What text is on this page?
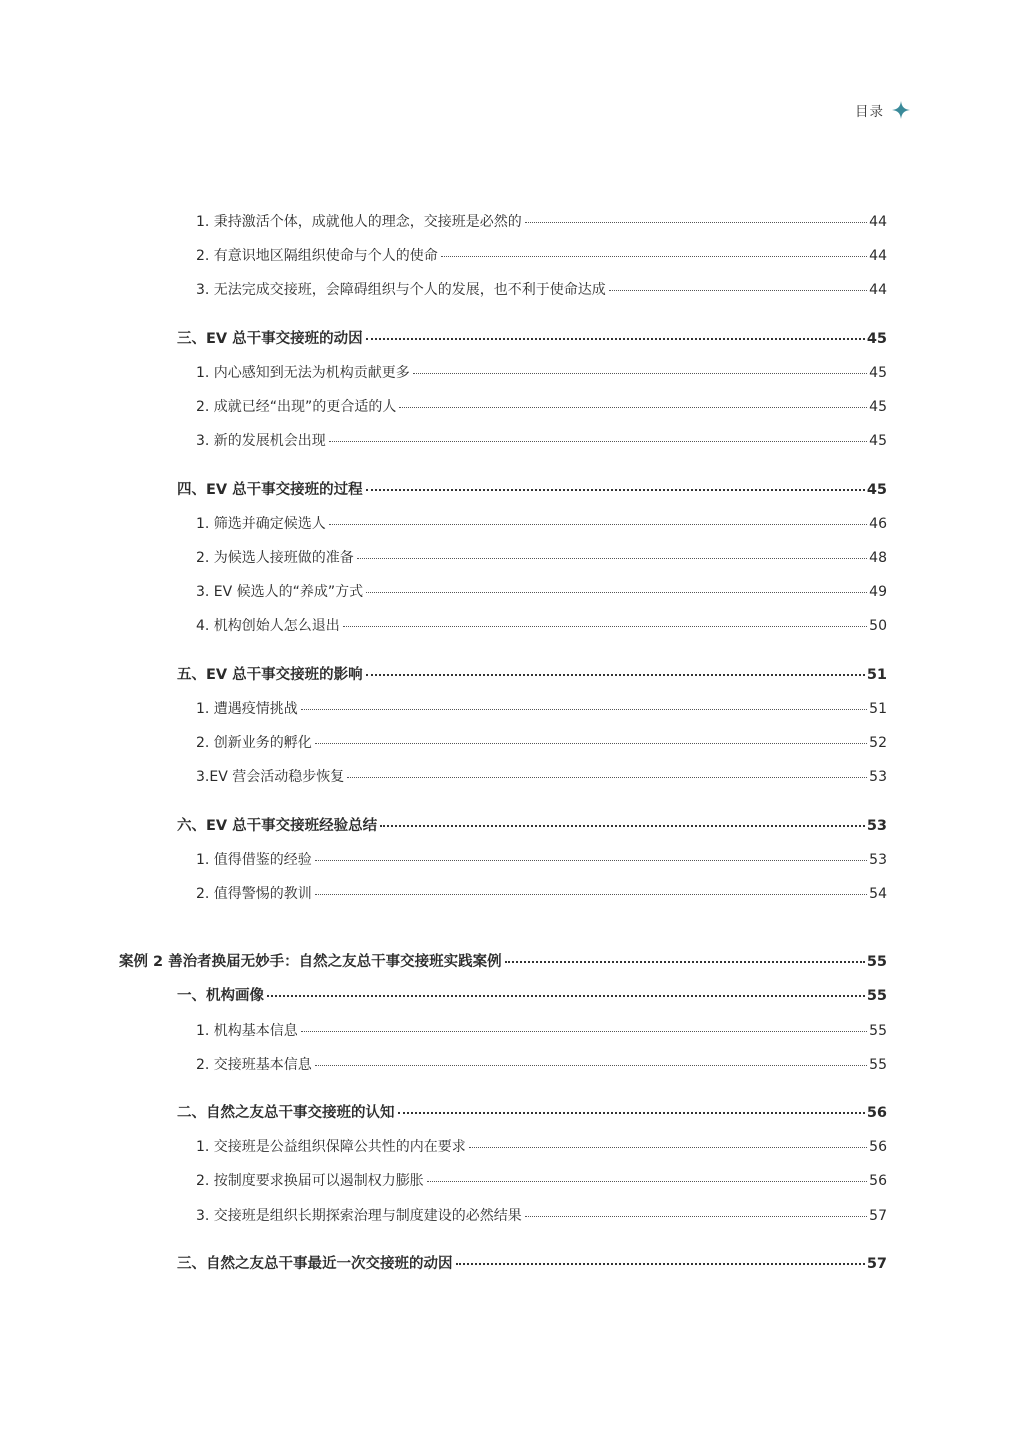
目录
1. 秉持激活个体，成就他人的理念，交接班是必然的	44
2. 有意识地区隔组织使命与个人的使命	44
3. 无法完成交接班，会障碍组织与个人的发展，也不利于使命达成	44
三、EV 总干事交接班的动因	45
1. 内心感知到无法为机构贡献更多	45
2. 成就已经“出现”的更合适的人	45
3. 新的发展机会出现	45
四、EV 总干事交接班的过程	45
1. 筛选并确定候选人	46
2. 为候选人接班做的准备	48
3. EV 候选人的“养成”方式	49
4. 机构创始人怎么退出	50
五、EV 总干事交接班的影响	51
1. 遭遇疫情挑战	51
2. 创新业务的孵化	52
3.EV 营会活动稳步恢复	53
六、EV 总干事交接班经验总结	53
1. 值得借鉴的经验	53
2. 值得警惕的教训	54
案例 2 善治者换届无妙手：自然之友总干事交接班实践案例	55
一、机构画像	55
1. 机构基本信息	55
2. 交接班基本信息	55
二、自然之友总干事交接班的认知	56
1. 交接班是公益组织保障公共性的内在要求	56
2. 按制度要求换届可以遏制权力膨胀	56
3. 交接班是组织长期探索治理与制度建设的必然结果	57
三、自然之友总干事最近一次交接班的动因	57
